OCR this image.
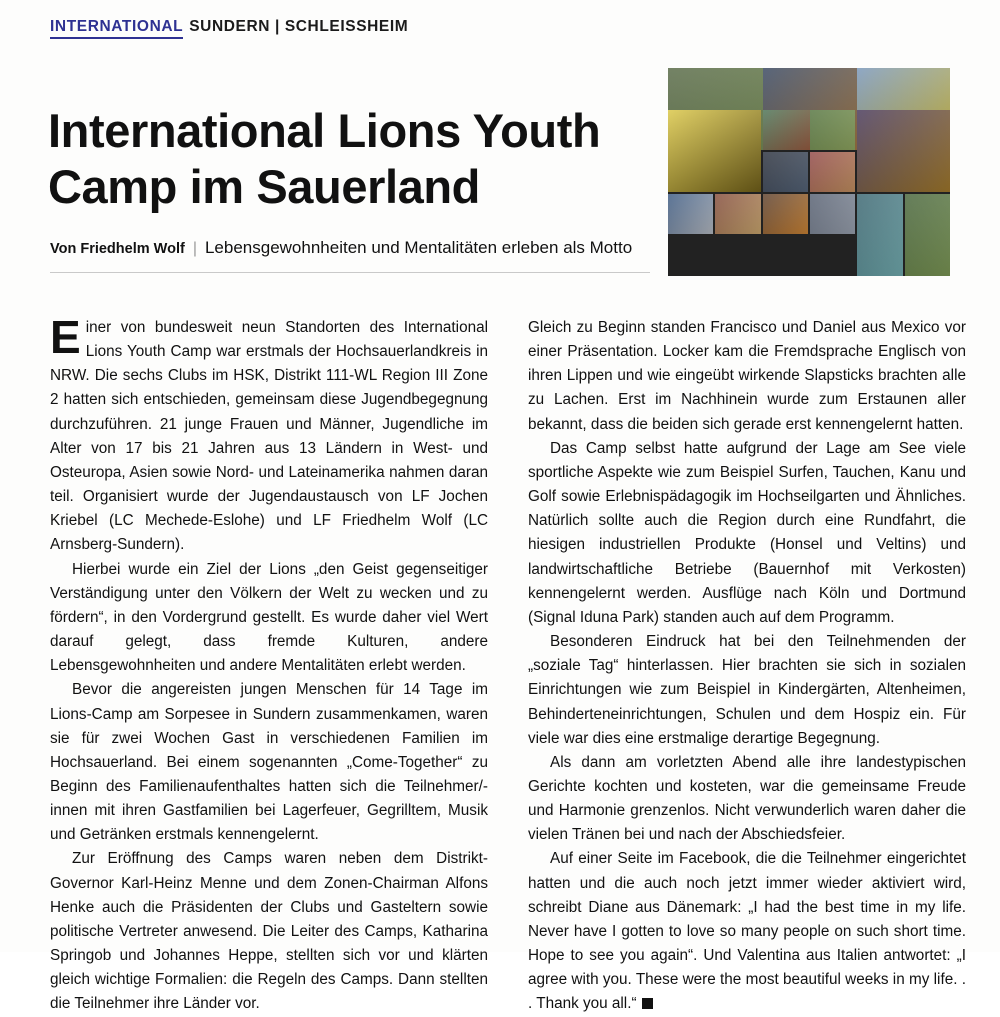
INTERNATIONAL SUNDERN | SCHLEISSHEIM
International Lions Youth Camp im Sauerland
Von Friedhelm Wolf | Lebensgewohnheiten und Mentalitäten erleben als Motto

Einer von bundesweit neun Standorten des International Lions Youth Camp war erstmals der Hochsauerlandkreis in NRW. Die sechs Clubs im HSK, Distrikt 111-WL Region III Zone 2 hatten sich entschieden, gemeinsam diese Jugendbegegnung durchzuführen. 21 junge Frauen und Männer, Jugendliche im Alter von 17 bis 21 Jahren aus 13 Ländern in West- und Osteuropa, Asien sowie Nord- und Lateinamerika nahmen daran teil. Organisiert wurde der Jugendaustausch von LF Jochen Kriebel (LC Mechede-Eslohe) und LF Friedhelm Wolf (LC Arnsberg-Sundern).

Hierbei wurde ein Ziel der Lions „den Geist gegenseitiger Verständigung unter den Völkern der Welt zu wecken und zu fördern“, in den Vordergrund gestellt. Es wurde daher viel Wert darauf gelegt, dass fremde Kulturen, andere Lebensgewohnheiten und andere Mentalitäten erlebt werden.

Bevor die angereisten jungen Menschen für 14 Tage im Lions-Camp am Sorpesee in Sundern zusammenkamen, waren sie für zwei Wochen Gast in verschiedenen Familien im Hochsauerland. Bei einem sogenannten „Come-Together“ zu Beginn des Familienaufenthaltes hatten sich die Teilnehmer/-innen mit ihren Gastfamilien bei Lagerfeuer, Gegrilltem, Musik und Getränken erstmals kennengelernt.

Zur Eröffnung des Camps waren neben dem Distrikt-Governor Karl-Heinz Menne und dem Zonen-Chairman Alfons Henke auch die Präsidenten der Clubs und Gasteltern sowie politische Vertreter anwesend. Die Leiter des Camps, Katharina Springob und Johannes Heppe, stellten sich vor und klärten gleich wichtige Formalien: die Regeln des Camps. Dann stellten die Teilnehmer ihre Länder vor.

Gleich zu Beginn standen Francisco und Daniel aus Mexico vor einer Präsentation. Locker kam die Fremdsprache Englisch von ihren Lippen und wie eingeübt wirkende Slapsticks brachten alle zu Lachen. Erst im Nachhinein wurde zum Erstaunen aller bekannt, dass die beiden sich gerade erst kennengelernt hatten.

Das Camp selbst hatte aufgrund der Lage am See viele sportliche Aspekte wie zum Beispiel Surfen, Tauchen, Kanu und Golf sowie Erlebnispädagogik im Hochseilgarten und Ähnliches. Natürlich sollte auch die Region durch eine Rundfahrt, die hiesigen industriellen Produkte (Honsel und Veltins) und landwirtschaftliche Betriebe (Bauernhof mit Verkosten) kennengelernt werden. Ausflüge nach Köln und Dortmund (Signal Iduna Park) standen auch auf dem Programm.

Besonderen Eindruck hat bei den Teilnehmenden der „soziale Tag“ hinterlassen. Hier brachten sie sich in sozialen Einrichtungen wie zum Beispiel in Kindergärten, Altenheimen, Behinderteneinrichtungen, Schulen und dem Hospiz ein. Für viele war dies eine erstmalige derartige Begegnung.

Als dann am vorletzten Abend alle ihre landestypischen Gerichte kochten und kosteten, war die gemeinsame Freude und Harmonie grenzenlos. Nicht verwunderlich waren daher die vielen Tränen bei und nach der Abschiedsfeier.

Auf einer Seite im Facebook, die die Teilnehmer eingerichtet hatten und die auch noch jetzt immer wieder aktiviert wird, schreibt Diane aus Dänemark: „I had the best time in my life. Never have I gotten to love so many people on such short time. Hope to see you again“. Und Valentina aus Italien antwortet: „I agree with you. These were the most beautiful weeks in my life. . . Thank you all.“L
